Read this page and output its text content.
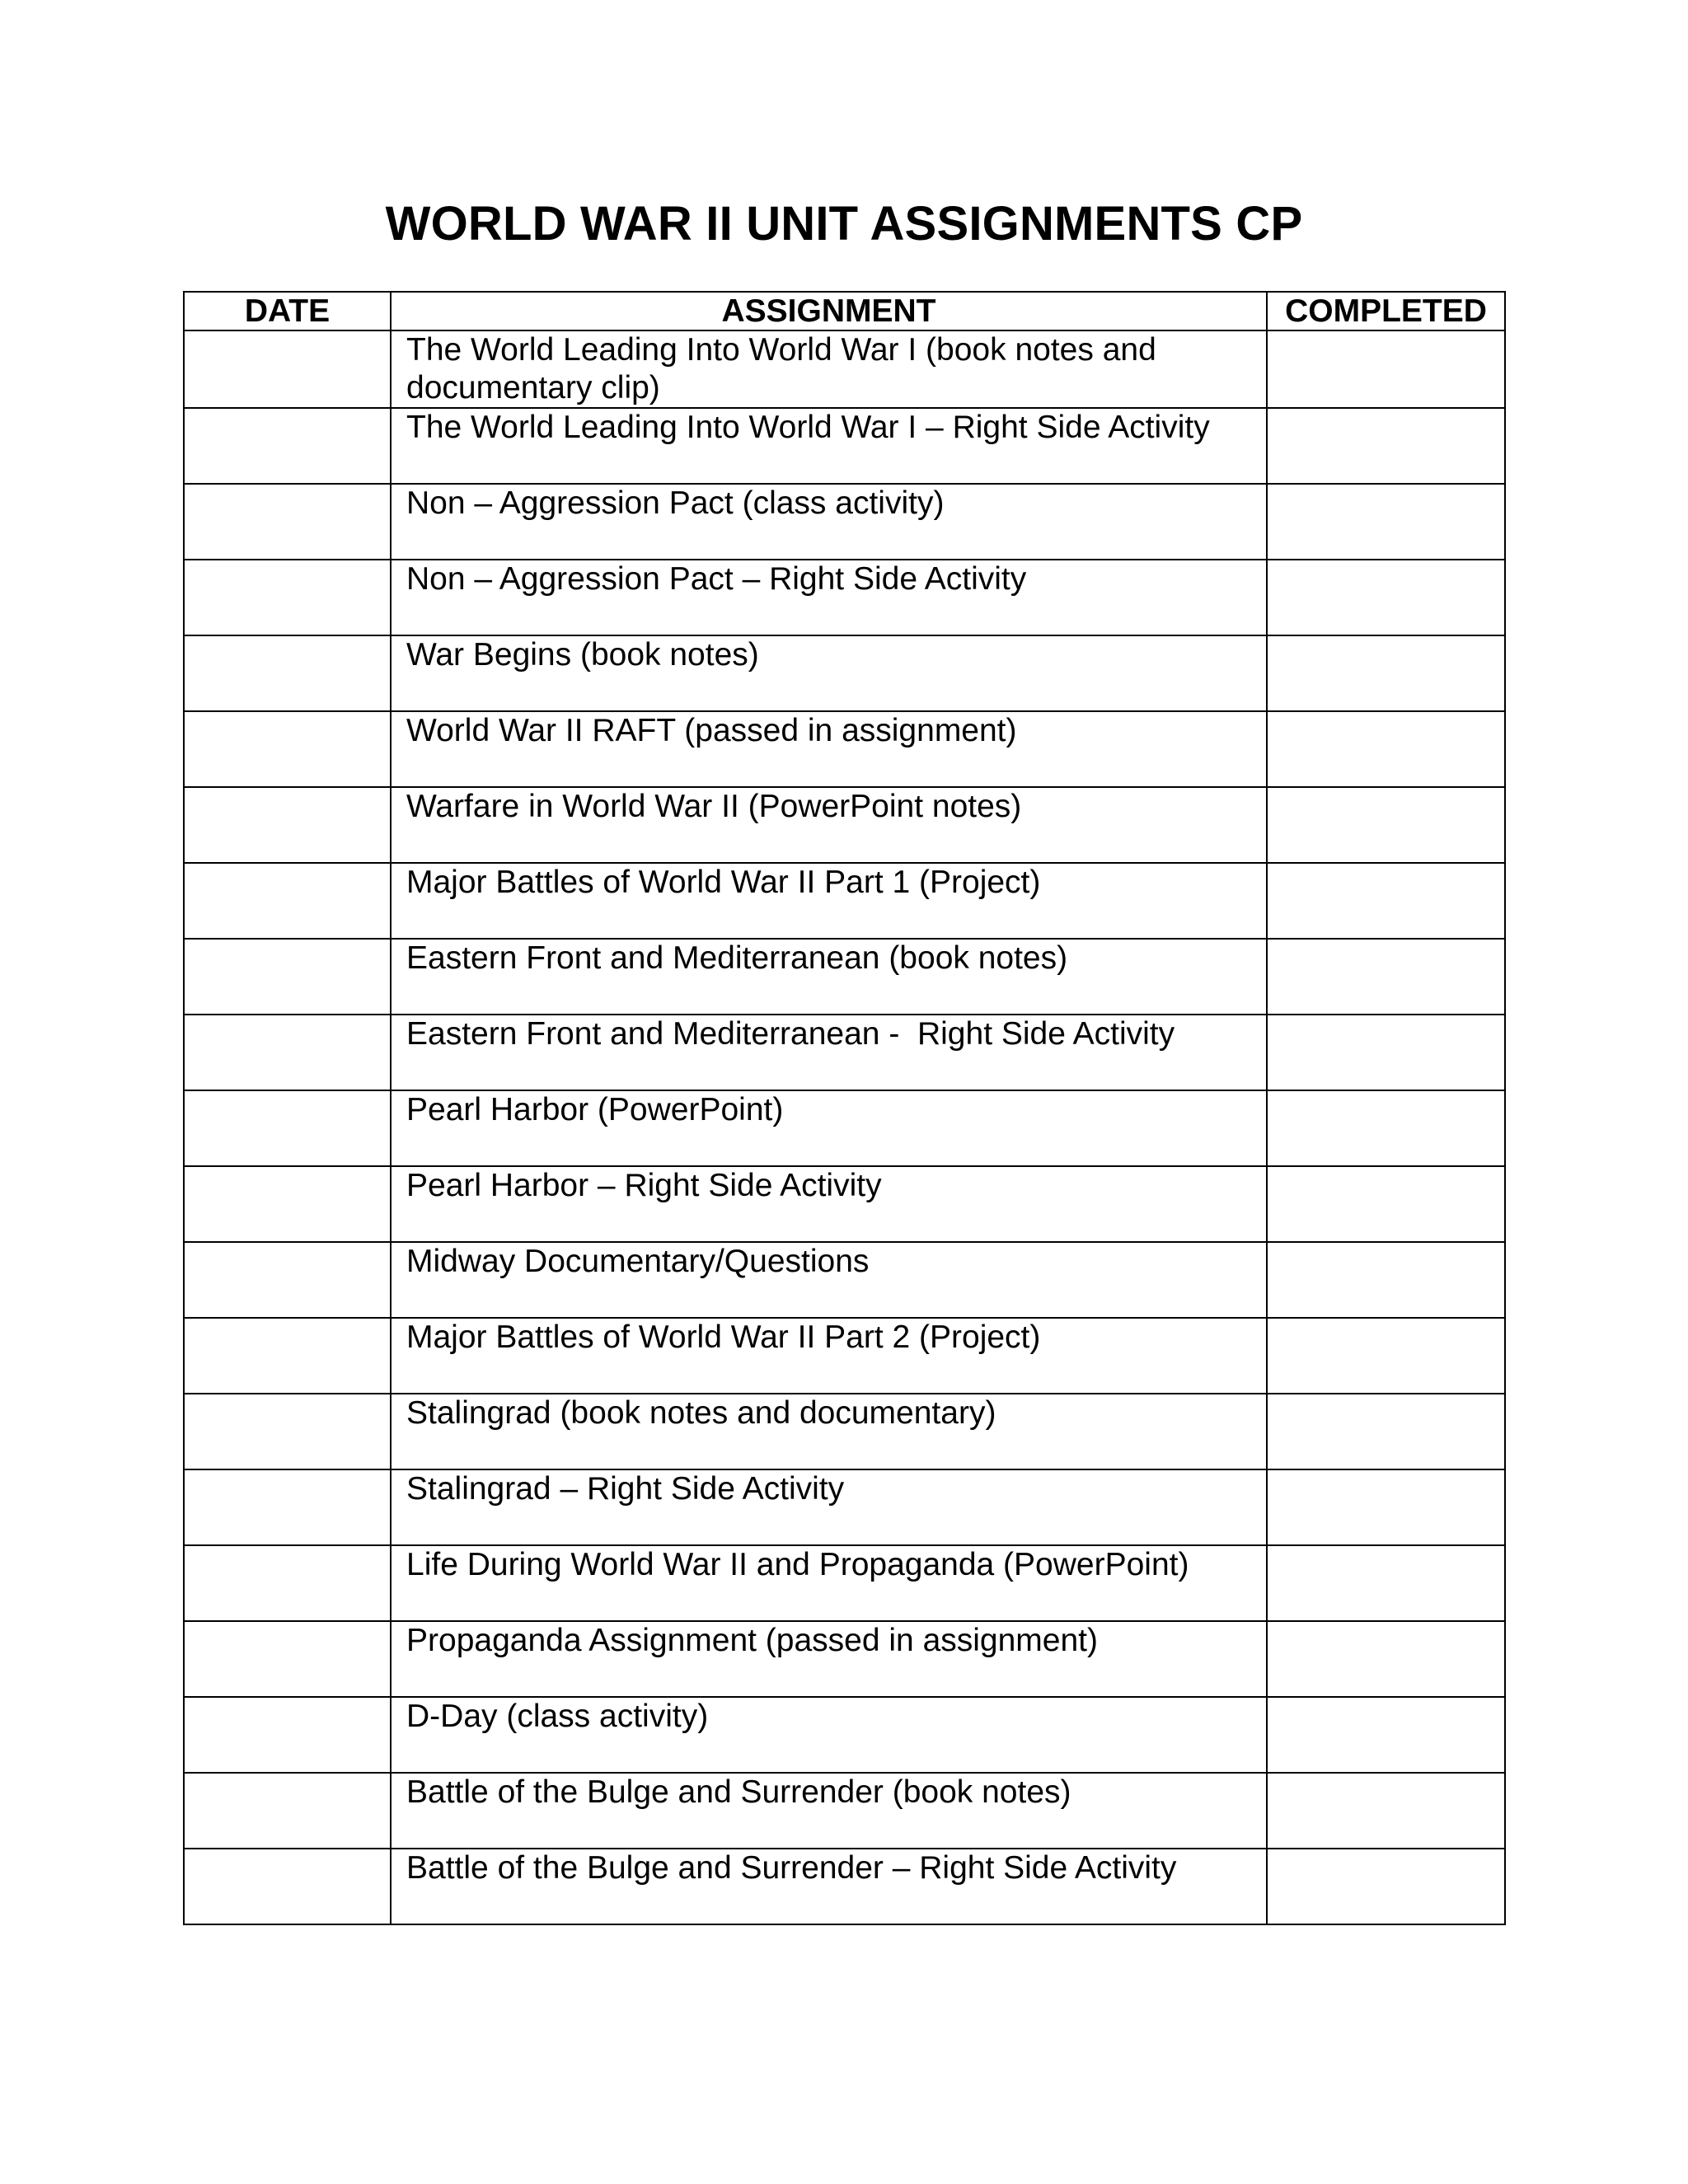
WORLD WAR II UNIT ASSIGNMENTS CP
DATE	ASSIGNMENT	COMPLETED

	The World Leading Into World War I (book notes and documentary clip)	

	The World Leading Into World War I – Right Side Activity	

	Non – Aggression Pact (class activity)	

	Non – Aggression Pact – Right Side Activity	

	War Begins (book notes)	

	World War II RAFT (passed in assignment)	

	Warfare in World War II (PowerPoint notes)	

	Major Battles of World War II Part 1 (Project)	

	Eastern Front and Mediterranean (book notes)	

	Eastern Front and Mediterranean -  Right Side Activity	

	Pearl Harbor (PowerPoint)	

	Pearl Harbor – Right Side Activity	

	Midway Documentary/Questions	

	Major Battles of World War II Part 2 (Project)	

	Stalingrad (book notes and documentary)	

	Stalingrad – Right Side Activity	

	Life During World War II and Propaganda (PowerPoint)	

	Propaganda Assignment (passed in assignment)	

	D-Day (class activity)	

	Battle of the Bulge and Surrender (book notes)	

	Battle of the Bulge and Surrender – Right Side Activity	
